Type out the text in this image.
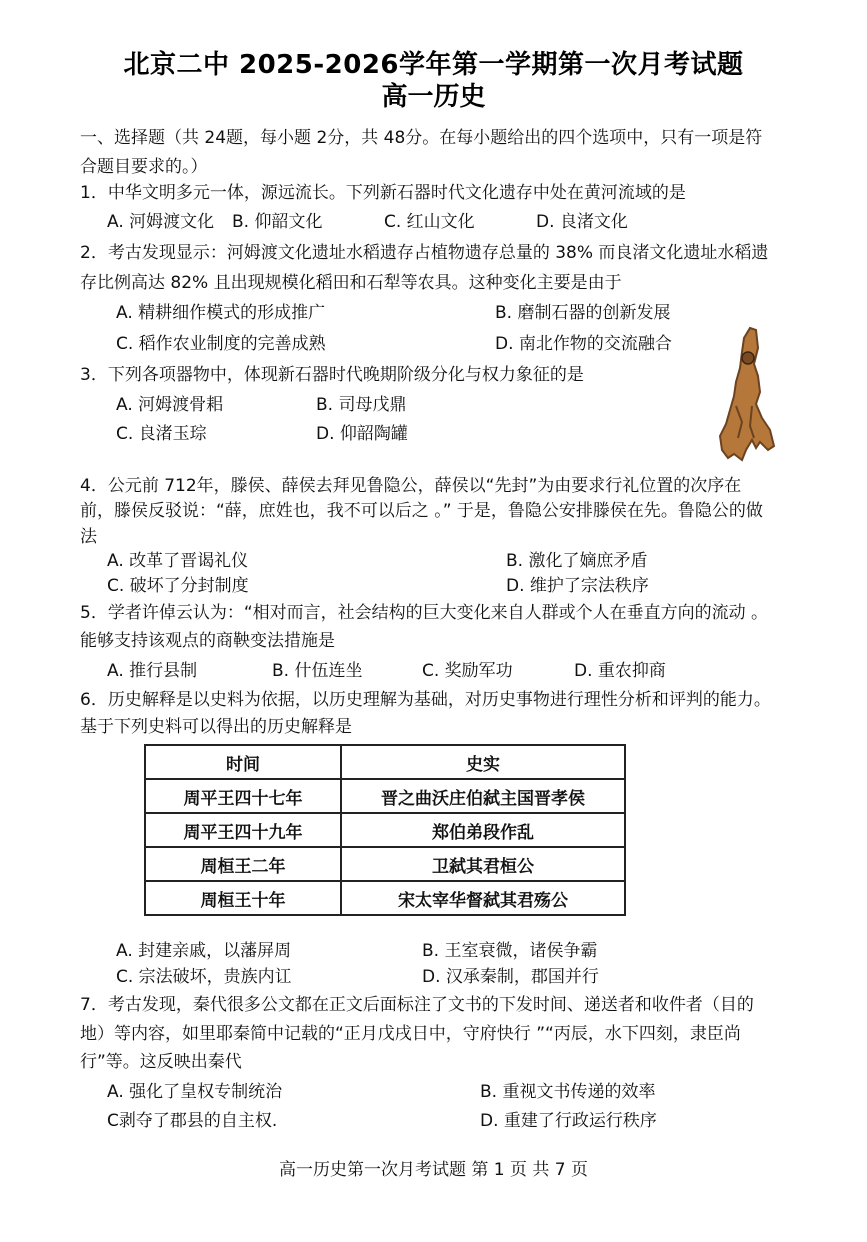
北京二中 2025-2026学年第一学期第一次月考试题
高一历史
一、选择题（共 24题，每小题 2分，共 48分。在每小题给出的四个选项中，只有一项是符
合题目要求的。）
1．中华文明多元一体，源远流长。下列新石器时代文化遗存中处在黄河流域的是
A. 河姆渡文化 B. 仰韶文化	C. 红山文化	D. 良渚文化
2．考古发现显示：河姆渡文化遗址水稻遗存占植物遗存总量的 38% 而良渚文化遗址水稻遗
存比例高达 82% 且出现规模化稻田和石犁等农具。这种变化主要是由于
A. 精耕细作模式的形成推广	B. 磨制石器的创新发展
C. 稻作农业制度的完善成熟	D. 南北作物的交流融合
3．下列各项器物中，体现新石器时代晚期阶级分化与权力象征的是
A. 河姆渡骨耜	B. 司母戊鼎
C. 良渚玉琮	D. 仰韶陶罐
4．公元前 712年，滕侯、薛侯去拜见鲁隐公，薛侯以“先封”为由要求行礼位置的次序在
前，滕侯反驳说：“薛，庶姓也，我不可以后之 。” 于是，鲁隐公安排滕侯在先。鲁隐公的做
法
A. 改革了晋谒礼仪	B. 激化了嫡庶矛盾
C. 破坏了分封制度	D. 维护了宗法秩序
5．学者许倬云认为：“相对而言，社会结构的巨大变化来自人群或个人在垂直方向的流动 。
能够支持该观点的商鞅变法措施是
A. 推行县制	B. 什伍连坐	C. 奖励军功	D. 重农抑商
6．历史解释是以史料为依据，以历史理解为基础，对历史事物进行理性分析和评判的能力。
基于下列史料可以得出的历史解释是
时间	史实
周平王四十七年	晋之曲沃庄伯弑主国晋孝侯
周平王四十九年	郑伯弟段作乱
周桓王二年	卫弑其君桓公
周桓王十年	宋太宰华督弑其君殇公
A. 封建亲戚，以藩屏周	B. 王室衰微，诸侯争霸
C. 宗法破坏，贵族内讧	D. 汉承秦制，郡国并行
7．考古发现，秦代很多公文都在正文后面标注了文书的下发时间、递送者和收件者（目的
地）等内容，如里耶秦简中记载的“正月戊戌日中，守府快行 ”“丙辰，水下四刻，隶臣尚
行”等。这反映出秦代
A. 强化了皇权专制统治	B. 重视文书传递的效率
C剥夺了郡县的自主权.	D. 重建了行政运行秩序
高一历史第一次月考试题 第 1 页 共 7 页
